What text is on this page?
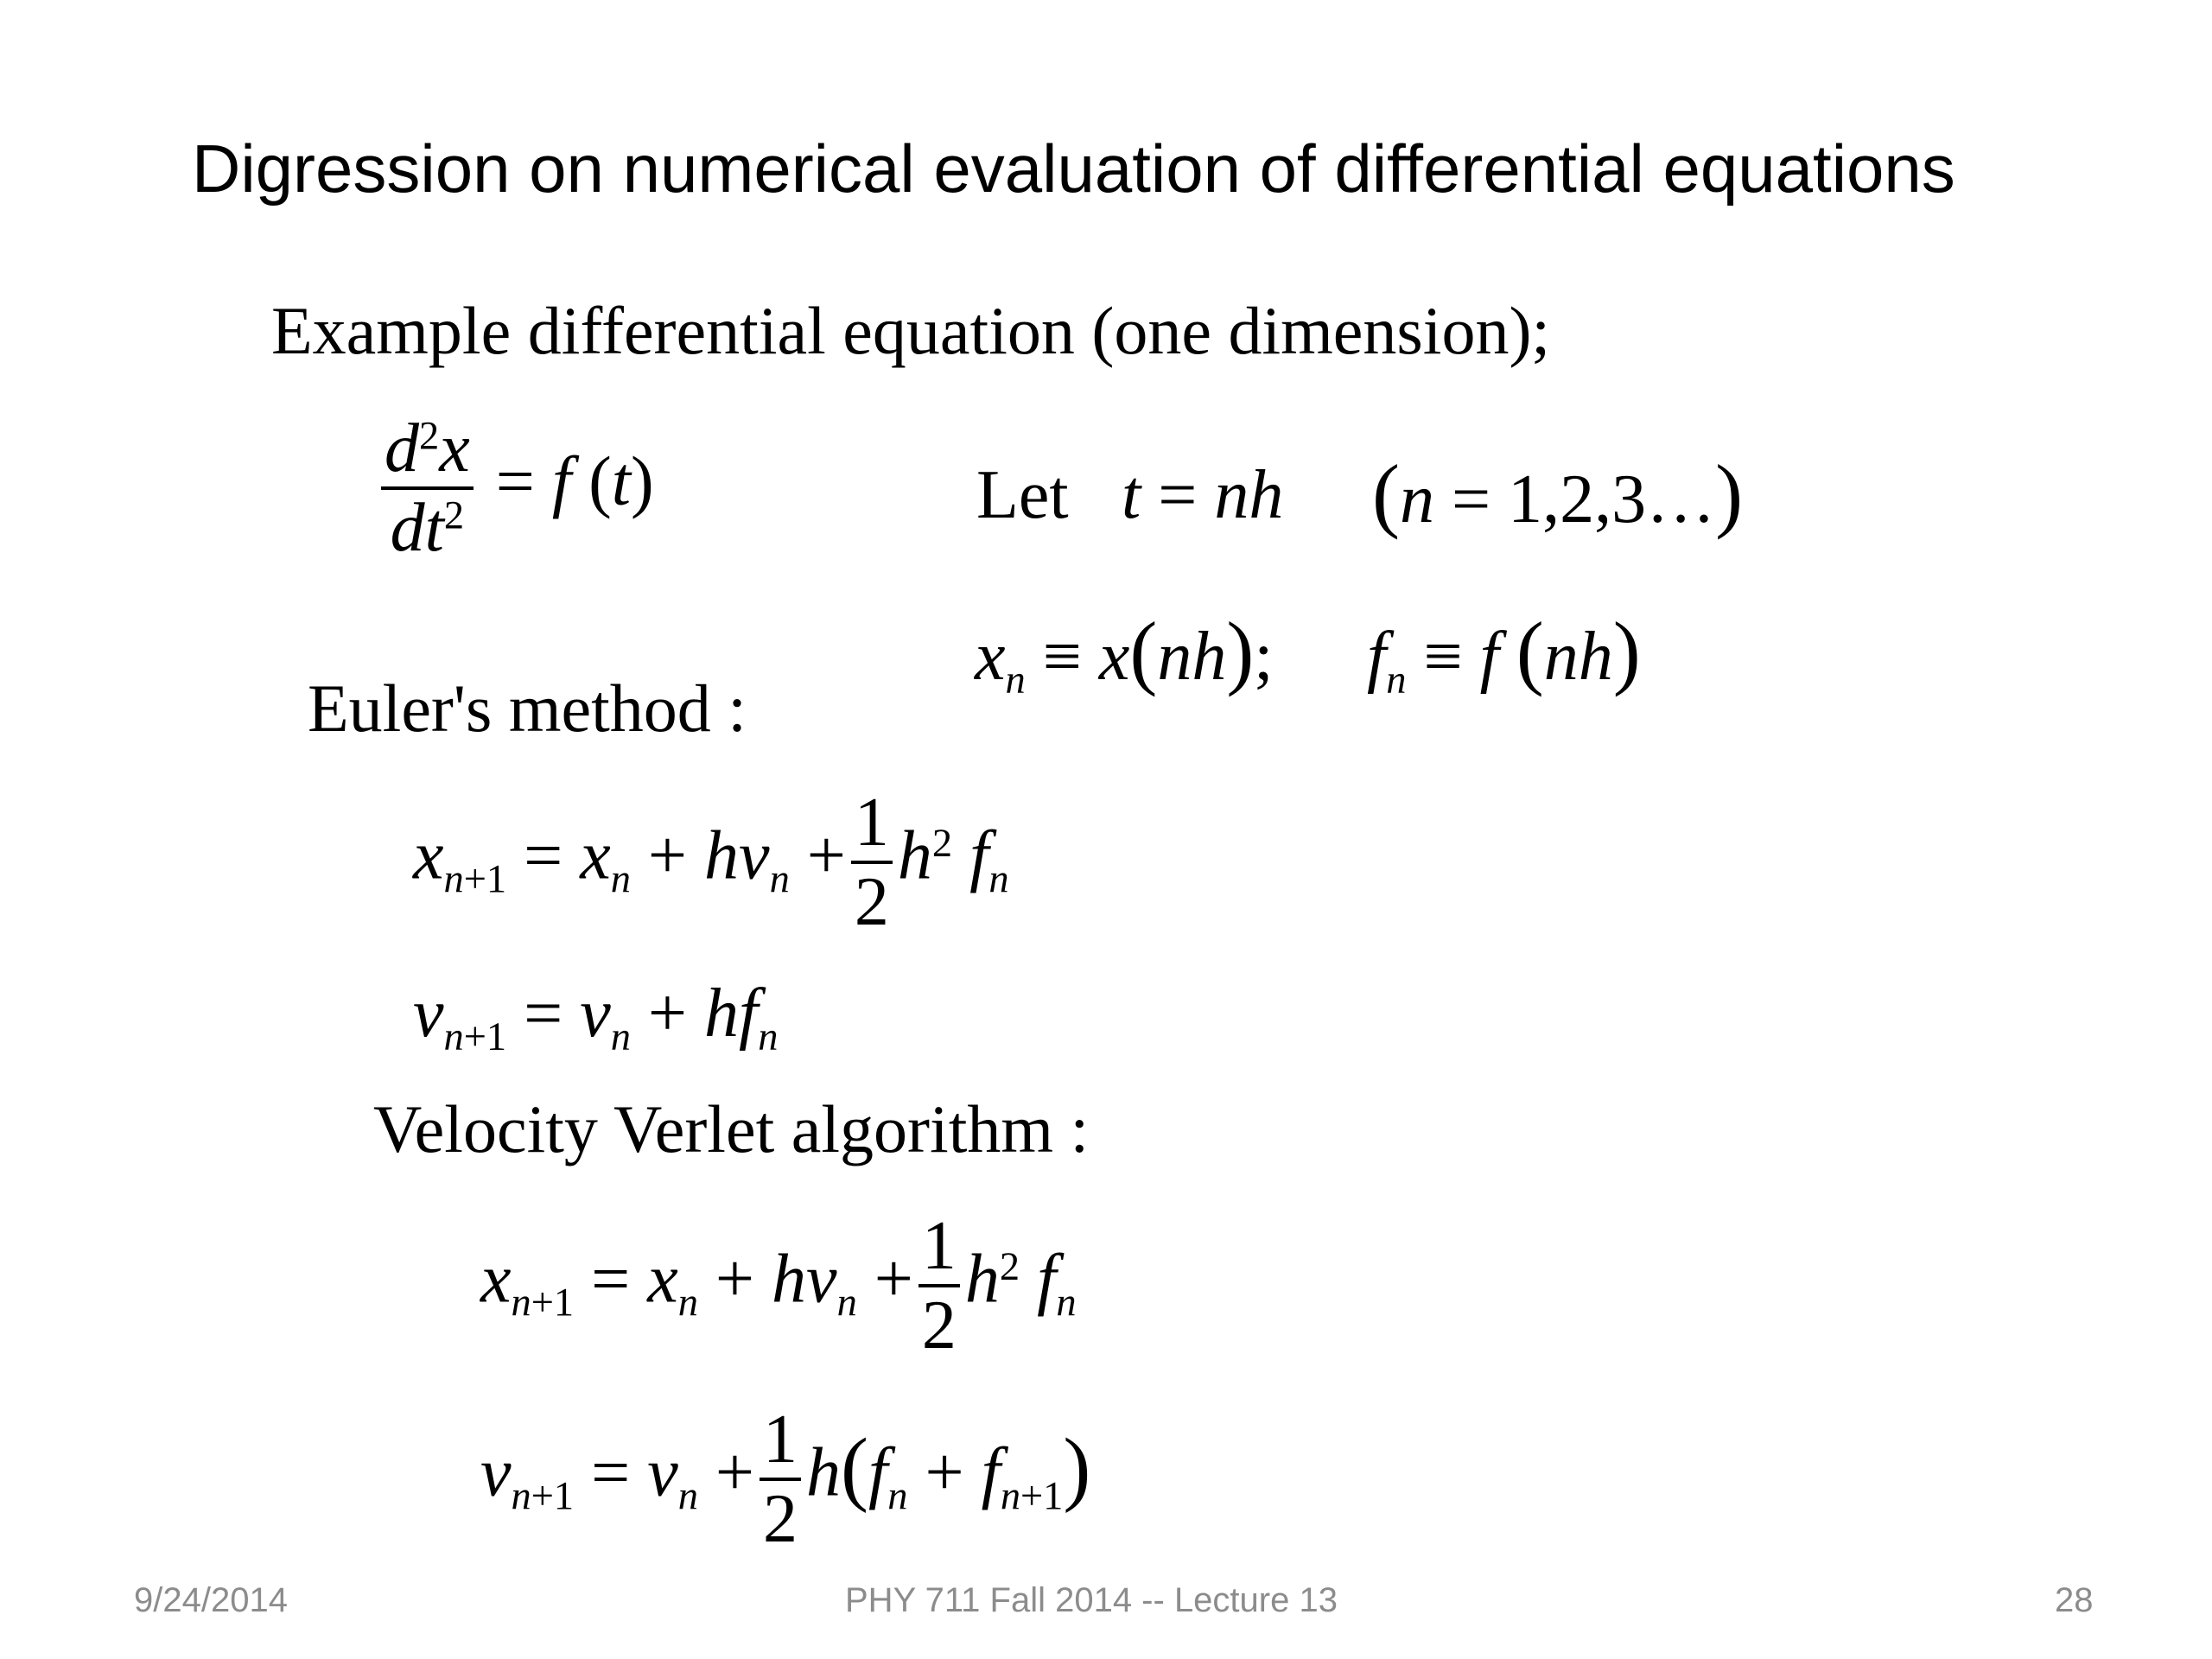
Digression on numerical evaluation of differential equations
Example differential equation (one dimension);
$\frac{d^2x}{dt^2} = f$ (t)	Let t = nh (n = 1,2,3…)
$x_n \equiv x(nh)$; $f_n \equiv f$ (nh)
Euler's method :
$x_{n+1} = x_n + hv_n + \frac{1}{2} h^2$ $f_n$
$v_{n+1} = v_n + hf_n$
Velocity Verlet algorithm :
$x_{n+1} = x_n + hv_n + \frac{1}{2} h^2$ $f_n$
$v_{n+1} = v_n + \frac{1}{2} h(f_n + f_{n+1})$
9/24/2014	PHY 711 Fall 2014 -- Lecture 13	28
